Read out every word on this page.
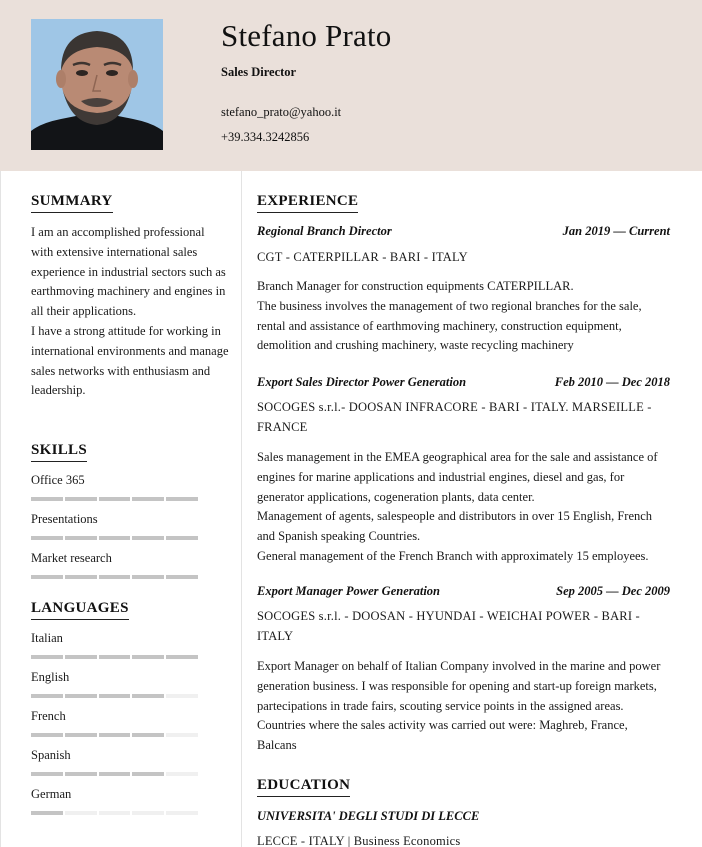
Stefano Prato
Sales Director
stefano_prato@yahoo.it
+39.334.3242856
SUMMARY
I am an accomplished professional with extensive international sales experience in industrial sectors such as earthmoving machinery and engines in all their applications.
I have a strong attitude for working in international environments and manage sales networks with enthusiasm and leadership.
SKILLS
Office 365
Presentations
Market research
LANGUAGES
Italian
English
French
Spanish
German
EXPERIENCE
Regional Branch Director	Jan 2019 — Current
CGT - CATERPILLAR - BARI - ITALY
Branch Manager for construction equipments CATERPILLAR.
The business involves the management of two regional branches for the sale, rental and assistance of earthmoving machinery, construction equipment, demolition and crushing machinery, waste recycling machinery
Export Sales Director Power Generation	Feb 2010 — Dec 2018
SOCOGES s.r.l.- DOOSAN INFRACORE - BARI - ITALY. MARSEILLE - FRANCE
Sales management in the EMEA geographical area for the sale and assistance of engines for marine applications and industrial engines, diesel and gas, for generator applications, cogeneration plants, data center.
Management of agents, salespeople and distributors in over 15 English, French and Spanish speaking Countries.
General management of the French Branch with approximately 15 employees.
Export Manager Power Generation	Sep 2005 — Dec 2009
SOCOGES s.r.l. - DOOSAN - HYUNDAI - WEICHAI POWER - BARI - ITALY
Export Manager on behalf of Italian Company involved in the marine and power generation business. I was responsible for opening and start-up foreign markets, partecipations in trade fairs, scouting service points in the assigned areas. Countries where the sales activity was carried out were: Maghreb, France, Balcans
EDUCATION
UNIVERSITA' DEGLI STUDI DI LECCE
LECCE - ITALY | Business Economics
